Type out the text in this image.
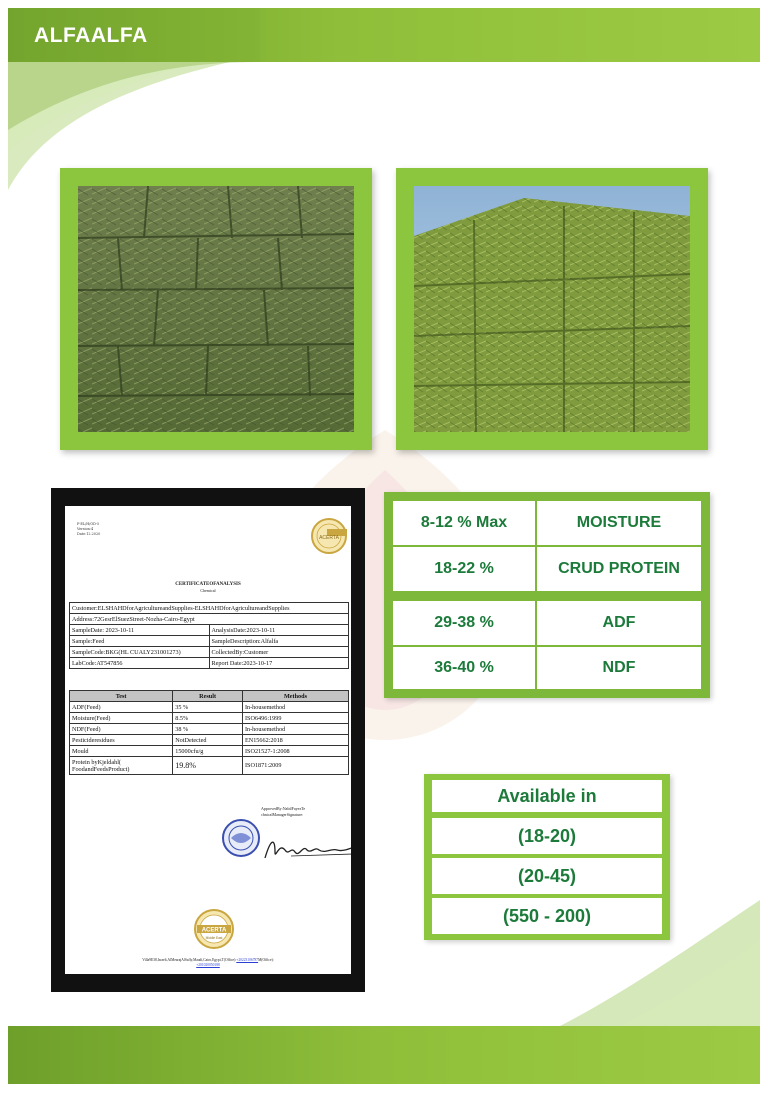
ALFAALFA
F-EL/H/OD-5
Version:4
Date:12.2020
ACERTA
CERTIFICATEOFANALYSIS
Chemical
Customer:ELSHAHDforAgricultureandSupplies-ELSHAHDforAgricultureandSupplies	
Address:72GesrElSuezStreet-Nozha-Cairo-Egypt	
SampleDate: 2023-10-11	AnalysisDate:2023-10-11
Sample:Feed	SampleDescription:Alfalfa
SampleCode:BKG(HL CUALY231001273)	CollectedBy:Customer
LabCode:AT547856	Report Date:2023-10-17
Test	Result	Methods
ADF(Feed)	35 %	In-housemethod
Moisture(Feed)	8.5%	ISO6496:1999
NDF(Feed)	38 %	In-housemethod
Pesticideresidues	NotDetected	EN15662:2018
Mould	15000cfu/g	ISO21527-1:2008
Protein byKjeldahl( FoodandFeedsProduct)	19.8%	ISO1871:2009
ApprovedBy:NabilFayezTe
chnicalManagerSignature:
ACERTA
Middle East
Villa9E38,Israelt,AlMearajAlSafly,Maadi,Cairo,Egypt,T(Office):+20223106787M(Office):
+201020050188
8-12 % Max	MOISTURE
18-22 %	CRUD PROTEIN
29-38 %	ADF
36-40 %	NDF
Available in
(18-20)
(20-45)
(550 - 200)
